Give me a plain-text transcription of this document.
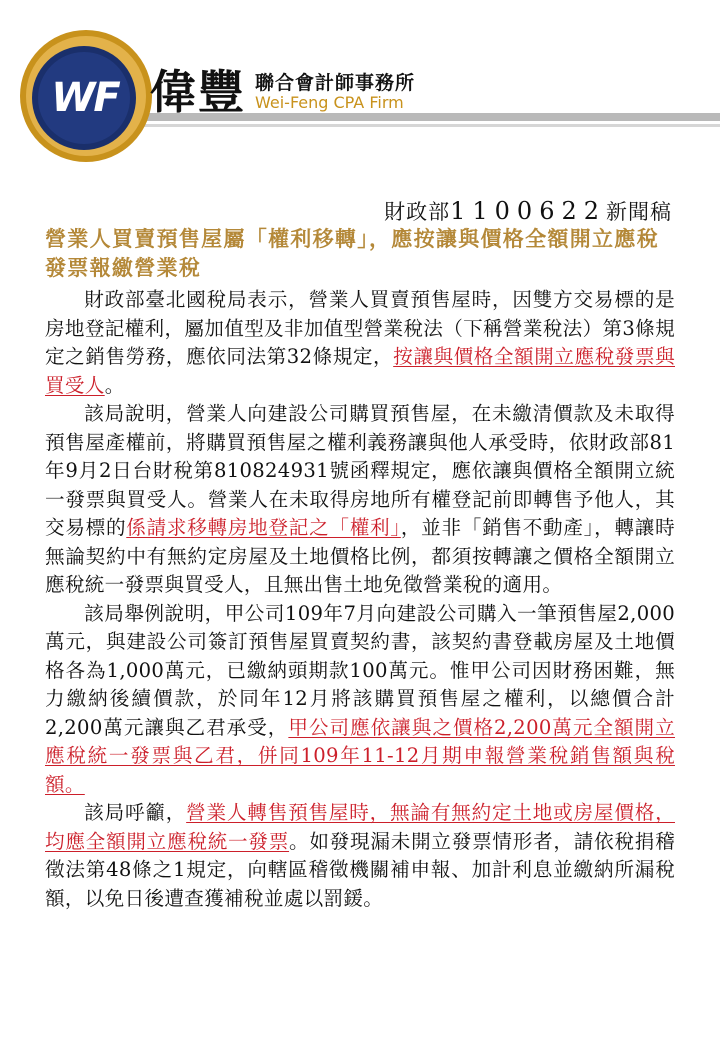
WF 偉豐 聯合會計師事務所
Wei-Feng CPA Firm
財政部1100622新聞稿

營業人買賣預售屋屬「權利移轉」，應按讓與價格全額開立應稅發票報繳營業稅

財政部臺北國稅局表示，營業人買賣預售屋時，因雙方交易標的是房地登記權利，屬加值型及非加值型營業稅法（下稱營業稅法）第3條規定之銷售勞務，應依同法第32條規定，按讓與價格全額開立應稅發票與買受人。

該局說明，營業人向建設公司購買預售屋，在未繳清價款及未取得預售屋產權前，將購買預售屋之權利義務讓與他人承受時，依財政部81年9月2日台財稅第810824931號函釋規定，應依讓與價格全額開立統一發票與買受人。營業人在未取得房地所有權登記前即轉售予他人，其交易標的係請求移轉房地登記之「權利」，並非「銷售不動產」，轉讓時無論契約中有無約定房屋及土地價格比例，都須按轉讓之價格全額開立應稅統一發票與買受人，且無出售土地免徵營業稅的適用。

該局舉例說明，甲公司109年7月向建設公司購入一筆預售屋2,000萬元，與建設公司簽訂預售屋買賣契約書，該契約書登載房屋及土地價格各為1,000萬元，已繳納頭期款100萬元。惟甲公司因財務困難，無力繳納後續價款，於同年12月將該購買預售屋之權利，以總價合計2,200萬元讓與乙君承受，甲公司應依讓與之價格2,200萬元全額開立應稅統一發票與乙君，併同109年11-12月期申報營業稅銷售額與稅額。

該局呼籲，營業人轉售預售屋時，無論有無約定土地或房屋價格，均應全額開立應稅統一發票。如發現漏未開立發票情形者，請依稅捐稽徵法第48條之1規定，向轄區稽徵機關補申報、加計利息並繳納所漏稅額，以免日後遭查獲補稅並處以罰鍰。
